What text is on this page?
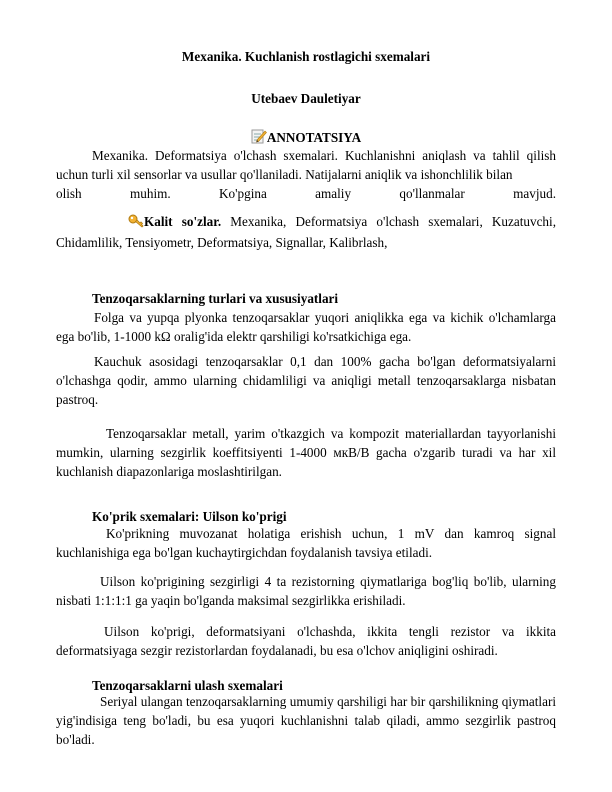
Mexanika. Kuchlanish rostlagichi sxemalari
Utebaev Dauletiyar
ANNOTATSIYA

Mexanika. Deformatsiya o'lchash sxemalari. Kuchlanishni aniqlash va tahlil qilish uchun turli xil sensorlar va usullar qo'llaniladi. Natijalarni aniqlik va ishonchlilik bilan

olish muhim. Ko'pgina amaliy qo'llanmalar mavjud.

Kalit so'zlar. Mexanika, Deformatsiya o'lchash sxemalari, Kuzatuvchi, Chidamlilik, Tensiyometr, Deformatsiya, Signallar, Kalibrlash,

Tenzoqarsaklarning turlari va xususiyatlari

Folga va yupqa plyonka tenzoqarsaklar yuqori aniqlikka ega va kichik o'lchamlarga ega bo'lib, 1-1000 kΩ oralig'ida elektr qarshiligi ko'rsatkichiga ega.

Kauchuk asosidagi tenzoqarsaklar 0,1 dan 100% gacha bo'lgan deformatsiyalarni o'lchashga qodir, ammo ularning chidamliligi va aniqligi metall tenzoqarsaklarga nisbatan pastroq.

Tenzoqarsaklar metall, yarim o'tkazgich va kompozit materiallardan tayyorlanishi mumkin, ularning sezgirlik koeffitsiyenti 1-4000 мкВ/В gacha o'zgarib turadi va har xil kuchlanish diapazonlariga moslashtirilgan.

Ko'prik sxemalari: Uilson ko'prigi

Ko'prikning muvozanat holatiga erishish uchun, 1 mV dan kamroq signal kuchlanishiga ega bo'lgan kuchaytirgichdan foydalanish tavsiya etiladi.

Uilson ko'prigining sezgirligi 4 ta rezistorning qiymatlariga bog'liq bo'lib, ularning nisbati 1:1:1:1 ga yaqin bo'lganda maksimal sezgirlikka erishiladi.

Uilson ko'prigi, deformatsiyani o'lchashda, ikkita tengli rezistor va ikkita deformatsiyaga sezgir rezistorlardan foydalanadi, bu esa o'lchov aniqligini oshiradi.

Tenzoqarsaklarni ulash sxemalari

Seriyal ulangan tenzoqarsaklarning umumiy qarshiligi har bir qarshilikning qiymatlari yig'indisiga teng bo'ladi, bu esa yuqori kuchlanishni talab qiladi, ammo sezgirlik pastroq bo'ladi.
